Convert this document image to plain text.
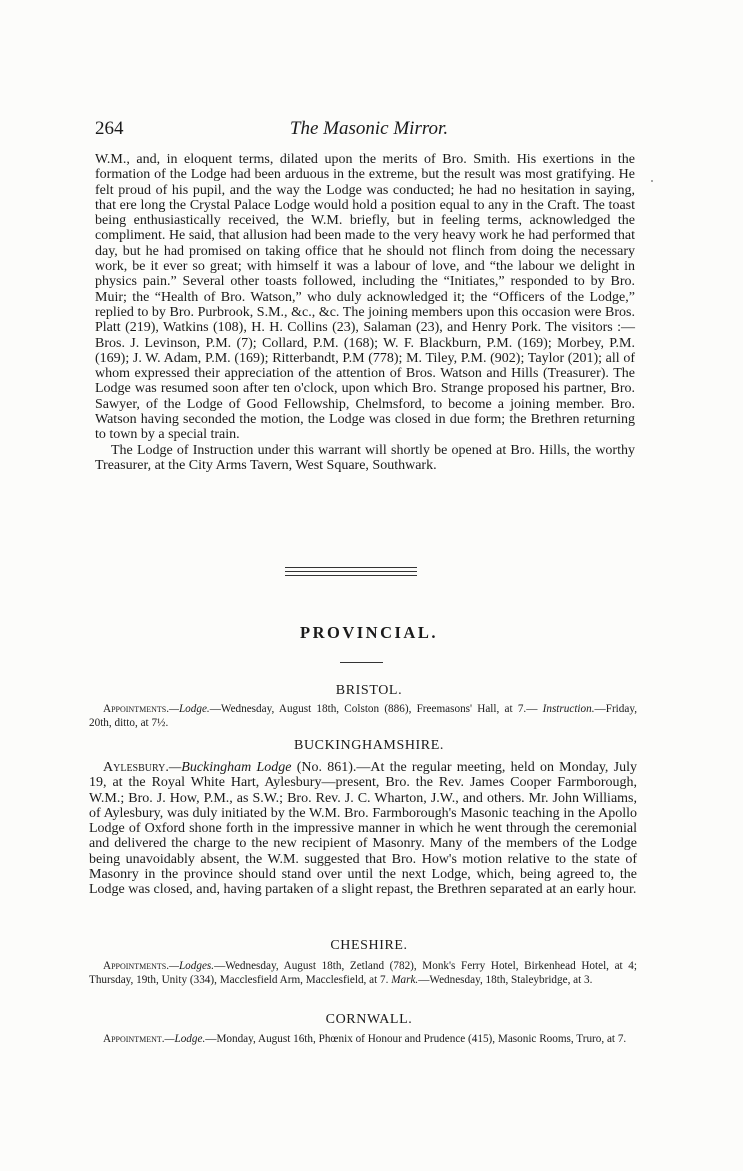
264	The Masonic Mirror.

W.M., and, in eloquent terms, dilated upon the merits of Bro. Smith. His exertions in the formation of the Lodge had been arduous in the extreme, but the result was most gratifying. He felt proud of his pupil, and the way the Lodge was conducted; he had no hesitation in saying, that ere long the Crystal Palace Lodge would hold a position equal to any in the Craft. The toast being enthusiastically received, the W.M. briefly, but in feeling terms, acknowledged the compliment. He said, that allusion had been made to the very heavy work he had performed that day, but he had promised on taking office that he should not flinch from doing the necessary work, be it ever so great; with himself it was a labour of love, and “the labour we delight in physics pain.” Several other toasts followed, including the “Initiates,” responded to by Bro. Muir; the “Health of Bro. Watson,” who duly acknowledged it; the “Officers of the Lodge,” replied to by Bro. Purbrook, S.M., &c., &c. The joining members upon this occasion were Bros. Platt (219), Watkins (108), H. H. Collins (23), Salaman (23), and Henry Pork. The visitors :—Bros. J. Levinson, P.M. (7); Collard, P.M. (168); W. F. Blackburn, P.M. (169); Morbey, P.M. (169); J. W. Adam, P.M. (169); Ritterbandt, P.M (778); M. Tiley, P.M. (902); Taylor (201); all of whom expressed their appreciation of the attention of Bros. Watson and Hills (Treasurer). The Lodge was resumed soon after ten o'clock, upon which Bro. Strange proposed his partner, Bro. Sawyer, of the Lodge of Good Fellowship, Chelmsford, to become a joining member. Bro. Watson having seconded the motion, the Lodge was closed in due form; the Brethren returning to town by a special train.

The Lodge of Instruction under this warrant will shortly be opened at Bro. Hills, the worthy Treasurer, at the City Arms Tavern, West Square, Southwark.

PROVINCIAL.
BRISTOL.

Appointments.—Lodge.—Wednesday, August 18th, Colston (886), Freemasons' Hall, at 7.— Instruction.—Friday, 20th, ditto, at 7½.

BUCKINGHAMSHIRE.

Aylesbury.—Buckingham Lodge (No. 861).—At the regular meeting, held on Monday, July 19, at the Royal White Hart, Aylesbury—present, Bro. the Rev. James Cooper Farmborough, W.M.; Bro. J. How, P.M., as S.W.; Bro. Rev. J. C. Wharton, J.W., and others. Mr. John Williams, of Aylesbury, was duly initiated by the W.M. Bro. Farmborough's Masonic teaching in the Apollo Lodge of Oxford shone forth in the impressive manner in which he went through the ceremonial and delivered the charge to the new recipient of Masonry. Many of the members of the Lodge being unavoidably absent, the W.M. suggested that Bro. How's motion relative to the state of Masonry in the province should stand over until the next Lodge, which, being agreed to, the Lodge was closed, and, having partaken of a slight repast, the Brethren separated at an early hour.

CHESHIRE.

Appointments.—Lodges.—Wednesday, August 18th, Zetland (782), Monk's Ferry Hotel, Birkenhead Hotel, at 4; Thursday, 19th, Unity (334), Macclesfield Arm, Macclesfield, at 7. Mark.—Wednesday, 18th, Stalеybridge, at 3.

CORNWALL.

Appointment.—Lodge.—Monday, August 16th, Phœnix of Honour and Prudence (415), Masonic Rooms, Truro, at 7.
